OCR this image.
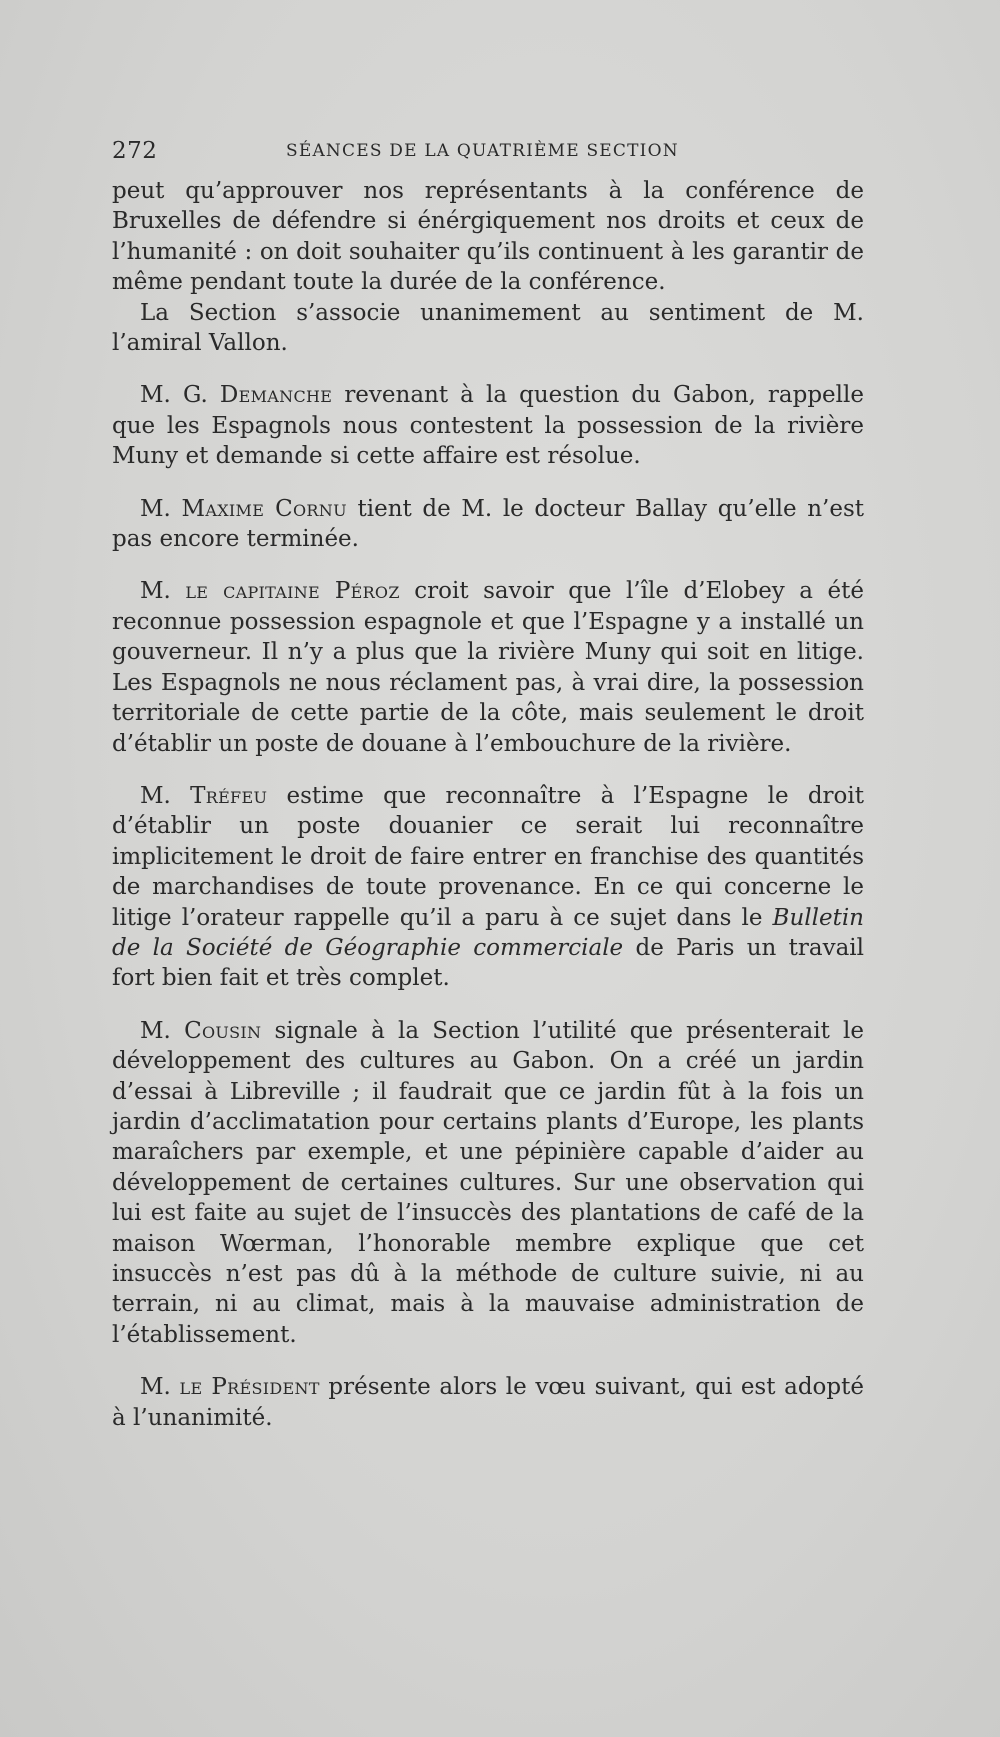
272	SÉANCES DE LA QUATRIÈME SECTION

peut qu’approuver nos représentants à la conférence de Bruxelles de défendre si énérgiquement nos droits et ceux de l’humanité : on doit souhaiter qu’ils continuent à les garantir de même pendant toute la durée de la conférence.

La Section s’associe unanimement au sentiment de M. l’amiral Vallon.

M. G. Demanche revenant à la question du Gabon, rappelle que les Espagnols nous contestent la possession de la rivière Muny et demande si cette affaire est résolue.

M. Maxime Cornu tient de M. le docteur Ballay qu’elle n’est pas encore terminée.

M. le capitaine Péroz croit savoir que l’île d’Elobey a été reconnue possession espagnole et que l’Espagne y a installé un gouverneur. Il n’y a plus que la rivière Muny qui soit en litige. Les Espagnols ne nous réclament pas, à vrai dire, la possession territoriale de cette partie de la côte, mais seulement le droit d’établir un poste de douane à l’embouchure de la rivière.

M. Tréfeu estime que reconnaître à l’Espagne le droit d’établir un poste douanier ce serait lui reconnaître implicitement le droit de faire entrer en franchise des quantités de marchandises de toute provenance. En ce qui concerne le litige l’orateur rappelle qu’il a paru à ce sujet dans le Bulletin de la Société de Géographie commerciale de Paris un travail fort bien fait et très complet.

M. Cousin signale à la Section l’utilité que présenterait le développement des cultures au Gabon. On a créé un jardin d’essai à Libreville ; il faudrait que ce jardin fût à la fois un jardin d’acclimatation pour certains plants d’Europe, les plants maraîchers par exemple, et une pépinière capable d’aider au développement de certaines cultures. Sur une observation qui lui est faite au sujet de l’insuccès des plantations de café de la maison Wœrman, l’honorable membre explique que cet insuccès n’est pas dû à la méthode de culture suivie, ni au terrain, ni au climat, mais à la mauvaise administration de l’établissement.

M. le Président présente alors le vœu suivant, qui est adopté à l’unanimité.
